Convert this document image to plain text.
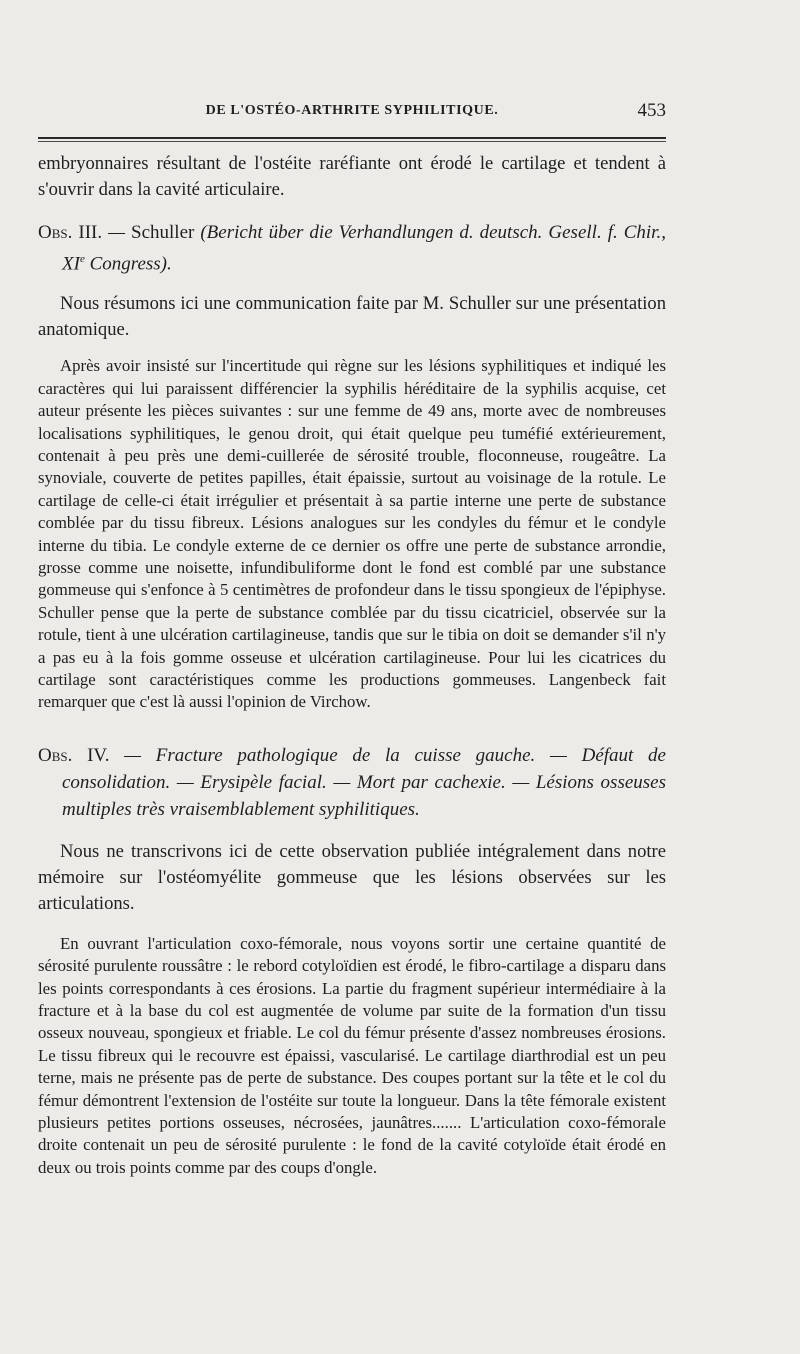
DE L'OSTÉO-ARTHRITE SYPHILITIQUE.	453

embryonnaires résultant de l'ostéite raréfiante ont érodé le cartilage et tendent à s'ouvrir dans la cavité articulaire.

Obs. III. — Schuller (Bericht über die Verhandlungen d. deutsch. Gesell. f. Chir., XIe Congress).

Nous résumons ici une communication faite par M. Schuller sur une présentation anatomique.

Après avoir insisté sur l'incertitude qui règne sur les lésions syphilitiques et indiqué les caractères qui lui paraissent différencier la syphilis héréditaire de la syphilis acquise, cet auteur présente les pièces suivantes : sur une femme de 49 ans, morte avec de nombreuses localisations syphilitiques, le genou droit, qui était quelque peu tuméfié extérieurement, contenait à peu près une demi-cuillerée de sérosité trouble, floconneuse, rougeâtre. La synoviale, couverte de petites papilles, était épaissie, surtout au voisinage de la rotule. Le cartilage de celle-ci était irrégulier et présentait à sa partie interne une perte de substance comblée par du tissu fibreux. Lésions analogues sur les condyles du fémur et le condyle interne du tibia. Le condyle externe de ce dernier os offre une perte de substance arrondie, grosse comme une noisette, infundibuliforme dont le fond est comblé par une substance gommeuse qui s'enfonce à 5 centimètres de profondeur dans le tissu spongieux de l'épiphyse. Schuller pense que la perte de substance comblée par du tissu cicatriciel, observée sur la rotule, tient à une ulcération cartilagineuse, tandis que sur le tibia on doit se demander s'il n'y a pas eu à la fois gomme osseuse et ulcération cartilagineuse. Pour lui les cicatrices du cartilage sont caractéristiques comme les productions gommeuses. Langenbeck fait remarquer que c'est là aussi l'opinion de Virchow.

Obs. IV. — Fracture pathologique de la cuisse gauche. — Défaut de consolidation. — Erysipèle facial. — Mort par cachexie. — Lésions osseuses multiples très vraisemblablement syphilitiques.

Nous ne transcrivons ici de cette observation publiée intégralement dans notre mémoire sur l'ostéomyélite gommeuse que les lésions observées sur les articulations.

En ouvrant l'articulation coxo-fémorale, nous voyons sortir une certaine quantité de sérosité purulente roussâtre : le rebord cotyloïdien est érodé, le fibro-cartilage a disparu dans les points correspondants à ces érosions. La partie du fragment supérieur intermédiaire à la fracture et à la base du col est augmentée de volume par suite de la formation d'un tissu osseux nouveau, spongieux et friable. Le col du fémur présente d'assez nombreuses érosions. Le tissu fibreux qui le recouvre est épaissi, vascularisé. Le cartilage diarthrodial est un peu terne, mais ne présente pas de perte de substance. Des coupes portant sur la tête et le col du fémur démontrent l'extension de l'ostéite sur toute la longueur. Dans la tête fémorale existent plusieurs petites portions osseuses, nécrosées, jaunâtres....... L'articulation coxo-fémorale droite contenait un peu de sérosité purulente : le fond de la cavité cotyloïde était érodé en deux ou trois points comme par des coups d'ongle.
